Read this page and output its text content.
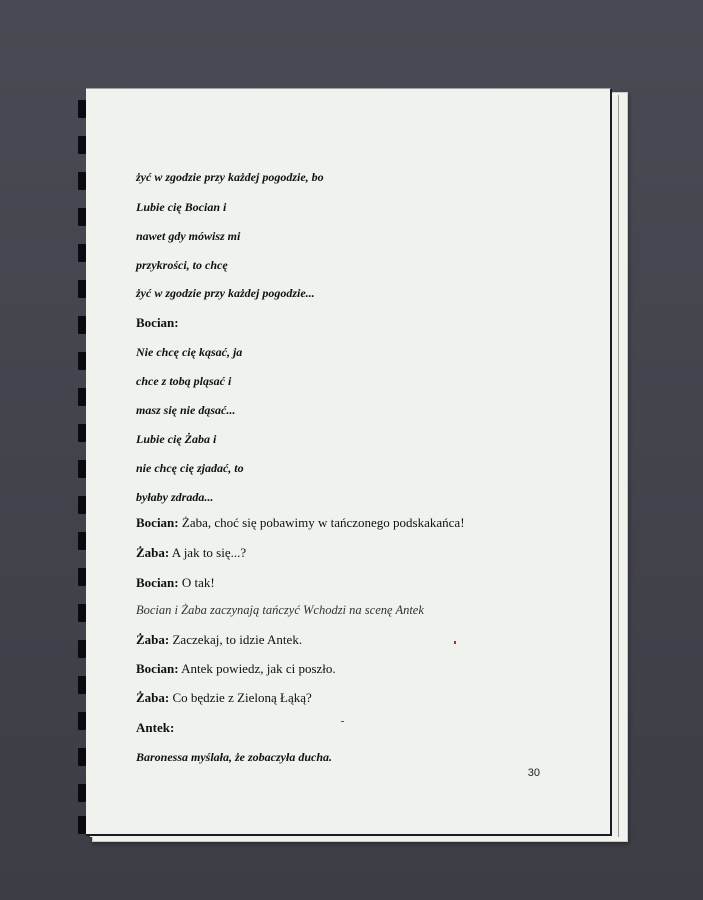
żyć w zgodzie przy każdej pogodzie, bo
Lubie cię Bocian i
nawet gdy mówisz mi
przykrości, to chcę
żyć w zgodzie przy każdej pogodzie...
Bocian:
Nie chcę cię kąsać, ja
chce z tobą pląsać i
masz się nie dąsać...
Lubie cię Żaba i
nie chcę cię zjadać, to
byłaby zdrada...
Bocian: Żaba, choć się pobawimy w tańczonego podskakańca!
Żaba: A jak to się...?
Bocian: O tak!
Bocian i Żaba zaczynają tańczyć Wchodzi na scenę Antek
Żaba: Zaczekaj, to idzie Antek.
Bocian: Antek powiedz, jak ci poszło.
Żaba: Co będzie z Zieloną Łąką?
Antek:
Baronessa myślała, że zobaczyła ducha.
30
